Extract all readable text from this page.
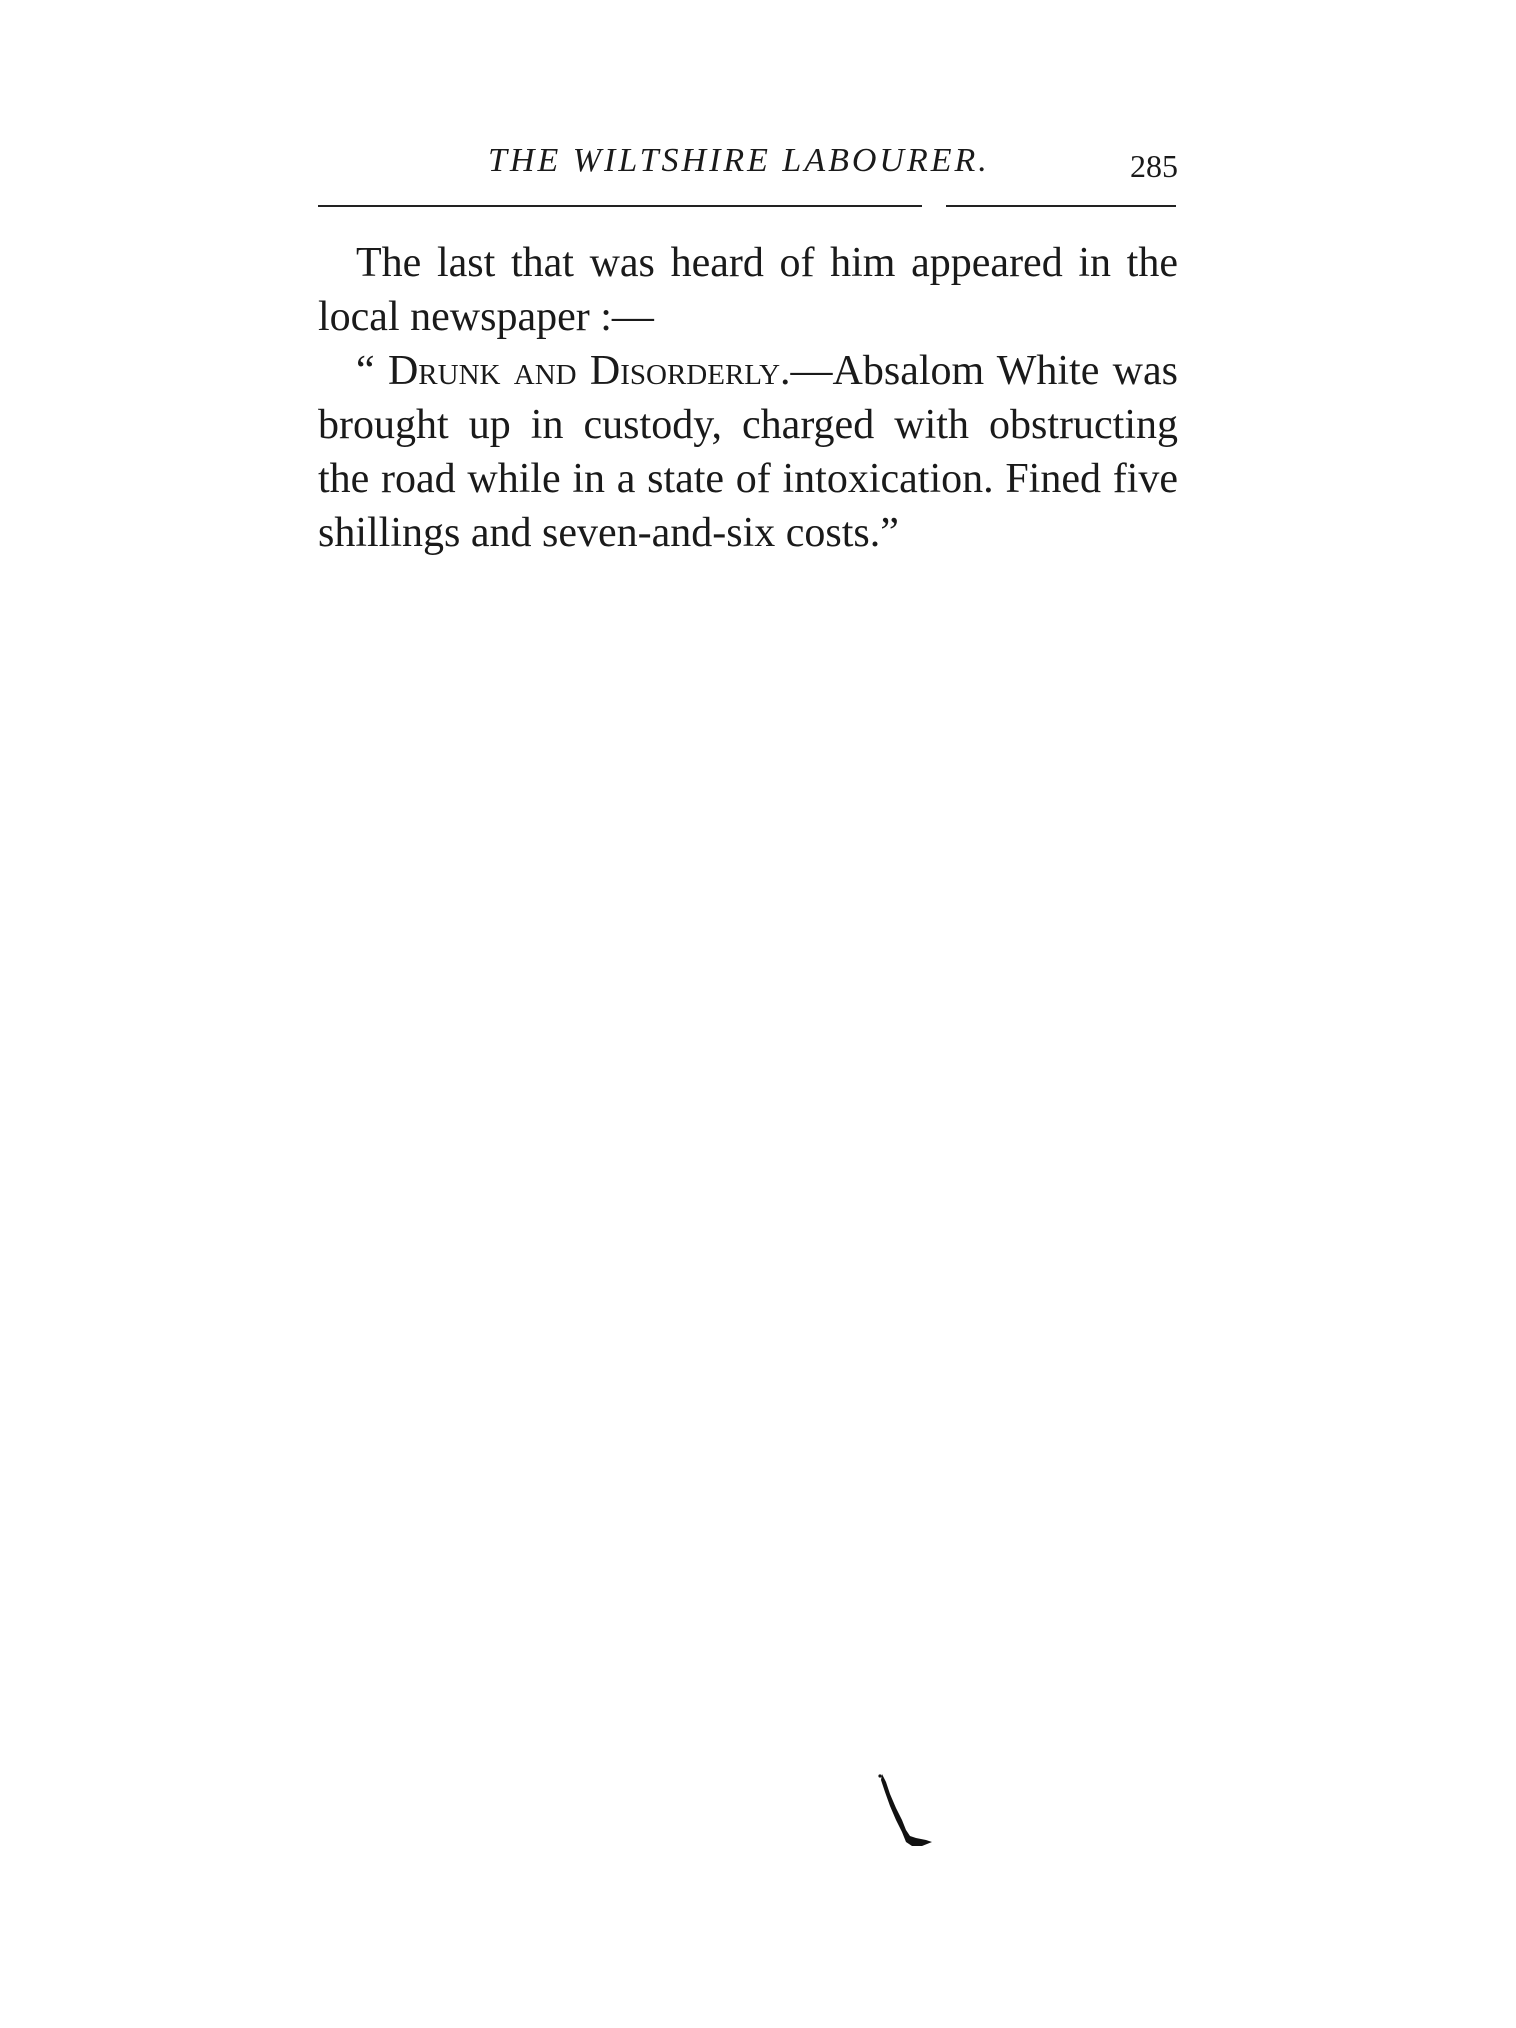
THE WILTSHIRE LABOURER.	285

The last that was heard of him appeared in the local newspaper :—

“ Drunk and Disorderly.—Absalom White was brought up in custody, charged with obstructing the road while in a state of intoxication. Fined five shillings and seven-and-six costs.”
